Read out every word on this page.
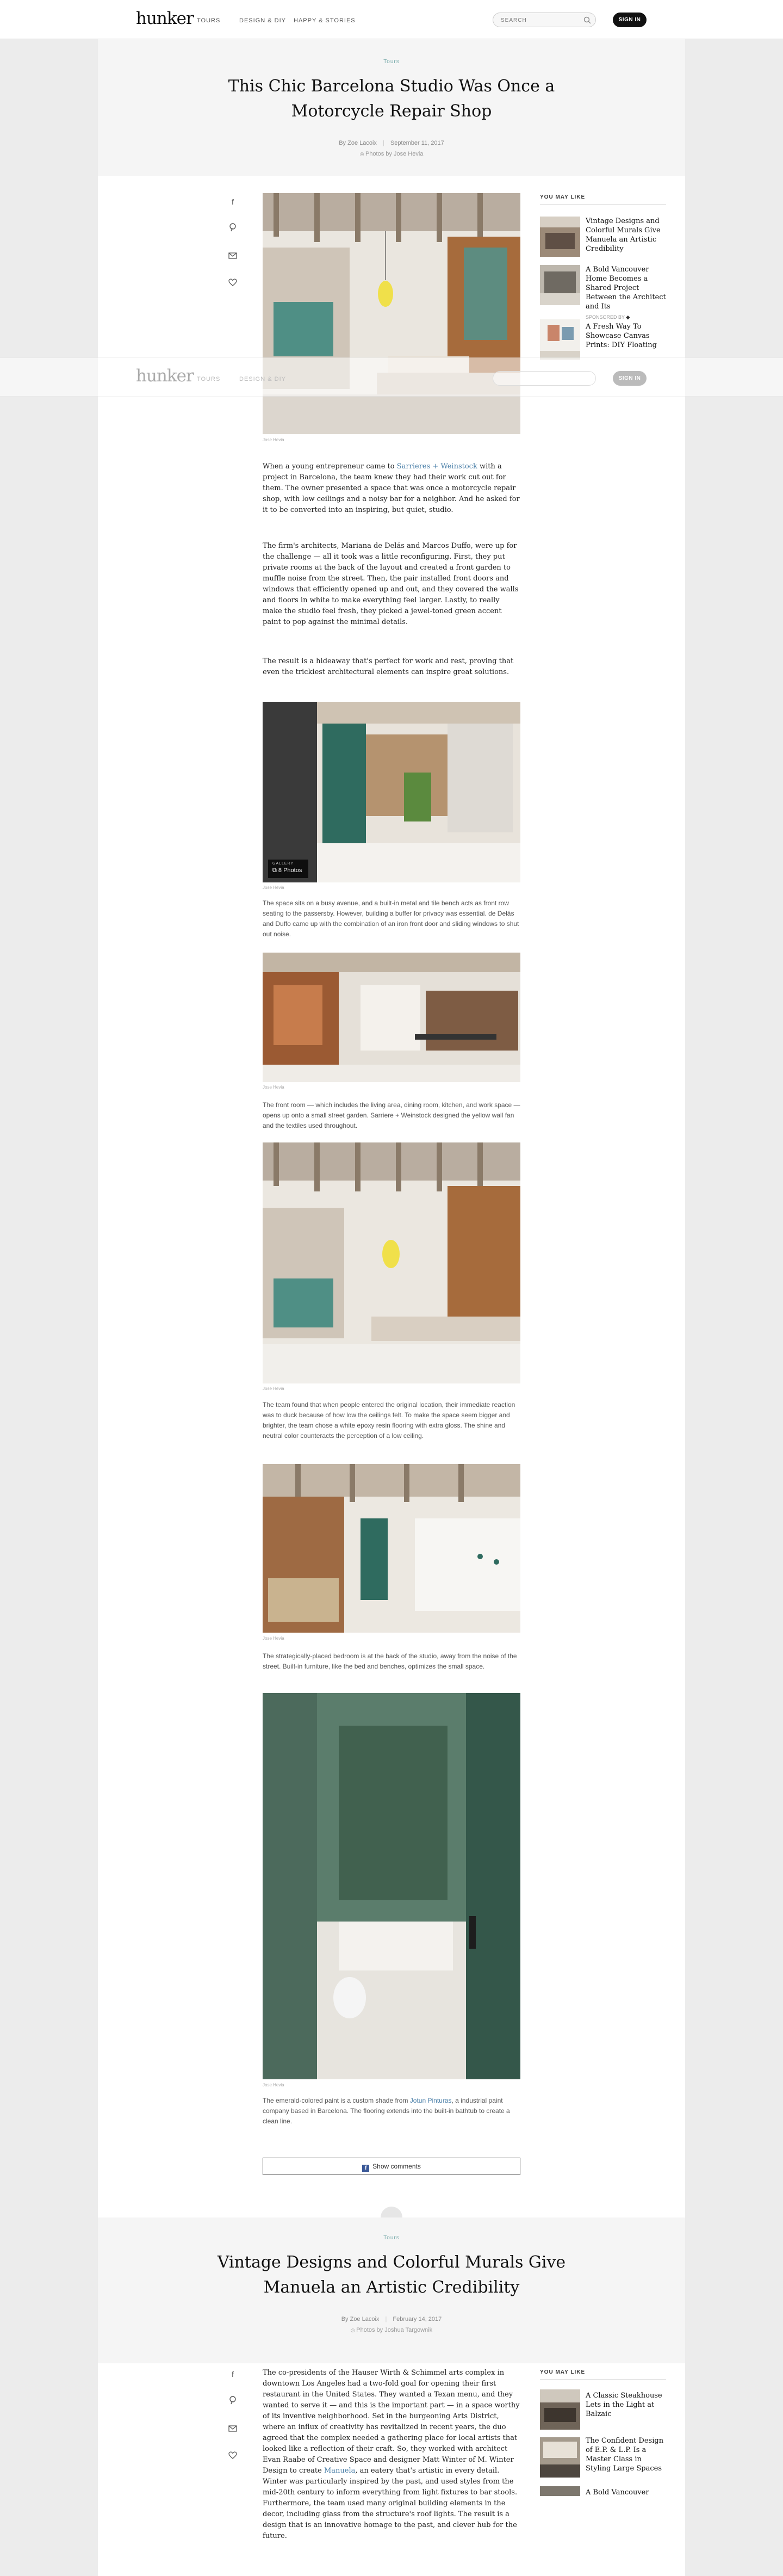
hunker TOURS	DESIGN & DIY HAPPY & STORIES	SEARCH	SIGN IN
Tours
This Chic Barcelona Studio Was Once a
Motorcycle Repair Shop
By Zoe Lacoix | September 11, 2017
◎ Photos by Jose Hevia
f
Jose Hevia
YOU MAY LIKE
Vintage Designs and Colorful Murals Give Manuela an Artistic Credibility
A Bold Vancouver Home Becomes a Shared Project Between the Architect and Its
SPONSORED BY ◆
A Fresh Way To Showcase Canvas Prints: DIY Floating
hunker TOURS	DESIGN & DIY	SIGN IN
When a young entrepreneur came to Sarrieres + Weinstock with a project in Barcelona, the team knew they had their work cut out for them. The owner presented a space that was once a motorcycle repair shop, with low ceilings and a noisy bar for a neighbor. And he asked for it to be converted into an inspiring, but quiet, studio.
The firm's architects, Mariana de Delás and Marcos Duffo, were up for the challenge — all it took was a little reconfiguring. First, they put private rooms at the back of the layout and created a front garden to muffle noise from the street. Then, the pair installed front doors and windows that efficiently opened up and out, and they covered the walls and floors in white to make everything feel larger. Lastly, to really make the studio feel fresh, they picked a jewel-toned green accent paint to pop against the minimal details.
The result is a hideaway that's perfect for work and rest, proving that even the trickiest architectural elements can inspire great solutions.
GALLERY
⧉ 8 Photos
Jose Hevia
The space sits on a busy avenue, and a built-in metal and tile bench acts as front row seating to the passersby. However, building a buffer for privacy was essential. de Delás and Duffo came up with the combination of an iron front door and sliding windows to shut out noise.
Jose Hevia
The front room — which includes the living area, dining room, kitchen, and work space — opens up onto a small street garden. Sarriere + Weinstock designed the yellow wall fan and the textiles used throughout.
Jose Hevia
The team found that when people entered the original location, their immediate reaction was to duck because of how low the ceilings felt. To make the space seem bigger and brighter, the team chose a white epoxy resin flooring with extra gloss. The shine and neutral color counteracts the perception of a low ceiling.
Jose Hevia
The strategically-placed bedroom is at the back of the studio, away from the noise of the street. Built-in furniture, like the bed and benches, optimizes the small space.
Jose Hevia
The emerald-colored paint is a custom shade from Jotun Pinturas, a industrial paint company based in Barcelona. The flooring extends into the built-in bathtub to create a clean line.
f Show comments
Tours
Vintage Designs and Colorful Murals Give
Manuela an Artistic Credibility
By Zoe Lacoix | February 14, 2017
◎ Photos by Joshua Targownik
f	The co-presidents of the Hauser Wirth & Schimmel arts complex in downtown Los Angeles had a two-fold goal for opening their first restaurant in the United States. They wanted a Texan menu, and they wanted to serve it — and this is the important part — in a space worthy of its inventive neighborhood. Set in the burgeoning Arts District, where an influx of creativity has revitalized in recent years, the duo agreed that the complex needed a gathering place for local artists that looked like a reflection of their craft. So, they worked with architect Evan Raabe of Creative Space and designer Matt Winter of M. Winter Design to create Manuela, an eatery that's artistic in every detail. Winter was particularly inspired by the past, and used styles from the mid-20th century to inform everything from light fixtures to bar stools. Furthermore, the team used many original building elements in the decor, including glass from the structure's roof lights. The result is a design that is an innovative homage to the past, and clever hub for the future.
YOU MAY LIKE
A Classic Steakhouse Lets in the Light at Balzaic
The Confident Design of E.P. & L.P. Is a Master Class in Styling Large Spaces
A Bold Vancouver
